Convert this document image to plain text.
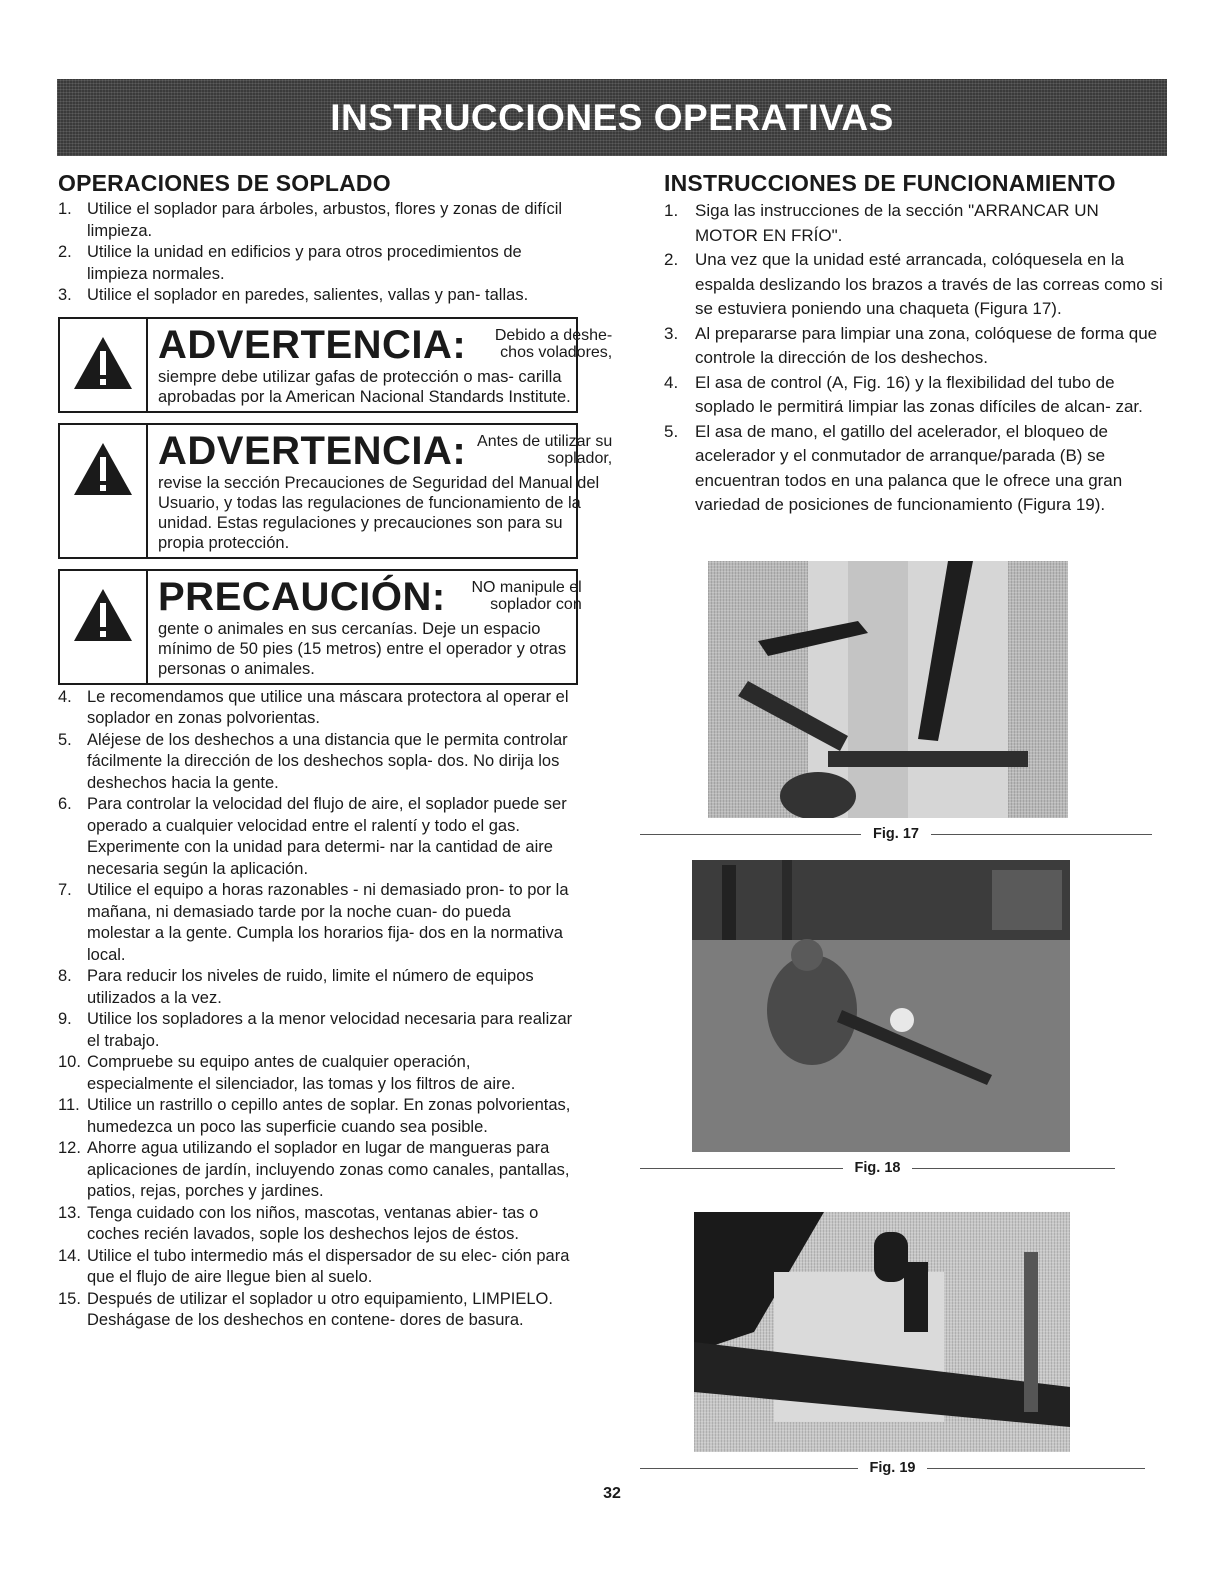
INSTRUCCIONES OPERATIVAS
OPERACIONES DE SOPLADO
1. Utilice el soplador para árboles, arbustos, flores y zonas de difícil limpieza.
2. Utilice la unidad en edificios y para otros procedimientos de limpieza normales.
3. Utilice el soplador en paredes, salientes, vallas y pan- tallas.
ADVERTENCIA:	Debido a deshe- chos voladores,
siempre debe utilizar gafas de protección o mas- carilla aprobadas por la American Nacional Standards Institute.
ADVERTENCIA: Antes de utilizar su soplador,
revise la sección Precauciones de Seguridad del Manual del Usuario, y todas las regulaciones de funcionamiento de la unidad. Estas regulaciones y precauciones son para su propia protección.
PRECAUCIÓN:	NO manipule el soplador con
gente o animales en sus cercanías. Deje un espacio mínimo de 50 pies (15 metros) entre el operador y otras personas o animales.
4. Le recomendamos que utilice una máscara protectora al operar el soplador en zonas polvorientas.
5. Aléjese de los deshechos a una distancia que le permita controlar fácilmente la dirección de los deshechos sopla- dos. No dirija los deshechos hacia la gente.
6. Para controlar la velocidad del flujo de aire, el soplador puede ser operado a cualquier velocidad entre el ralentí y todo el gas. Experimente con la unidad para determi- nar la cantidad de aire necesaria según la aplicación.
7. Utilice el equipo a horas razonables - ni demasiado pron- to por la mañana, ni demasiado tarde por la noche cuan- do pueda molestar a la gente. Cumpla los horarios fija- dos en la normativa local.
8. Para reducir los niveles de ruido, limite el número de equipos utilizados a la vez.
9. Utilice los sopladores a la menor velocidad necesaria para realizar el trabajo.
10. Compruebe su equipo antes de cualquier operación, especialmente el silenciador, las tomas y los filtros de aire.
11. Utilice un rastrillo o cepillo antes de soplar. En zonas polvorientas, humedezca un poco las superficie cuando sea posible.
12. Ahorre agua utilizando el soplador en lugar de mangueras para aplicaciones de jardín, incluyendo zonas como canales, pantallas, patios, rejas, porches y jardines.
13. Tenga cuidado con los niños, mascotas, ventanas abier- tas o coches recién lavados, sople los deshechos lejos de éstos.
14. Utilice el tubo intermedio más el dispersador de su elec- ción para que el flujo de aire llegue bien al suelo.
15. Después de utilizar el soplador u otro equipamiento, LIMPIELO. Deshágase de los deshechos en contene- dores de basura.
INSTRUCCIONES DE FUNCIONAMIENTO
1. Siga las instrucciones de la sección "ARRANCAR UN MOTOR EN FRÍO".
2. Una vez que la unidad esté arrancada, colóquesela en la espalda deslizando los brazos a través de las correas como si se estuviera poniendo una chaqueta (Figura 17).
3. Al prepararse para limpiar una zona, colóquese de forma que controle la dirección de los deshechos.
4. El asa de control (A, Fig. 16) y la flexibilidad del tubo de soplado le permitirá limpiar las zonas difíciles de alcan- zar.
5. El asa de mano, el gatillo del acelerador, el bloqueo de acelerador y el conmutador de arranque/parada (B) se encuentran todos en una palanca que le ofrece una gran variedad de posiciones de funcionamiento (Figura 19).
Fig. 17
Fig. 18
Fig. 19
32
